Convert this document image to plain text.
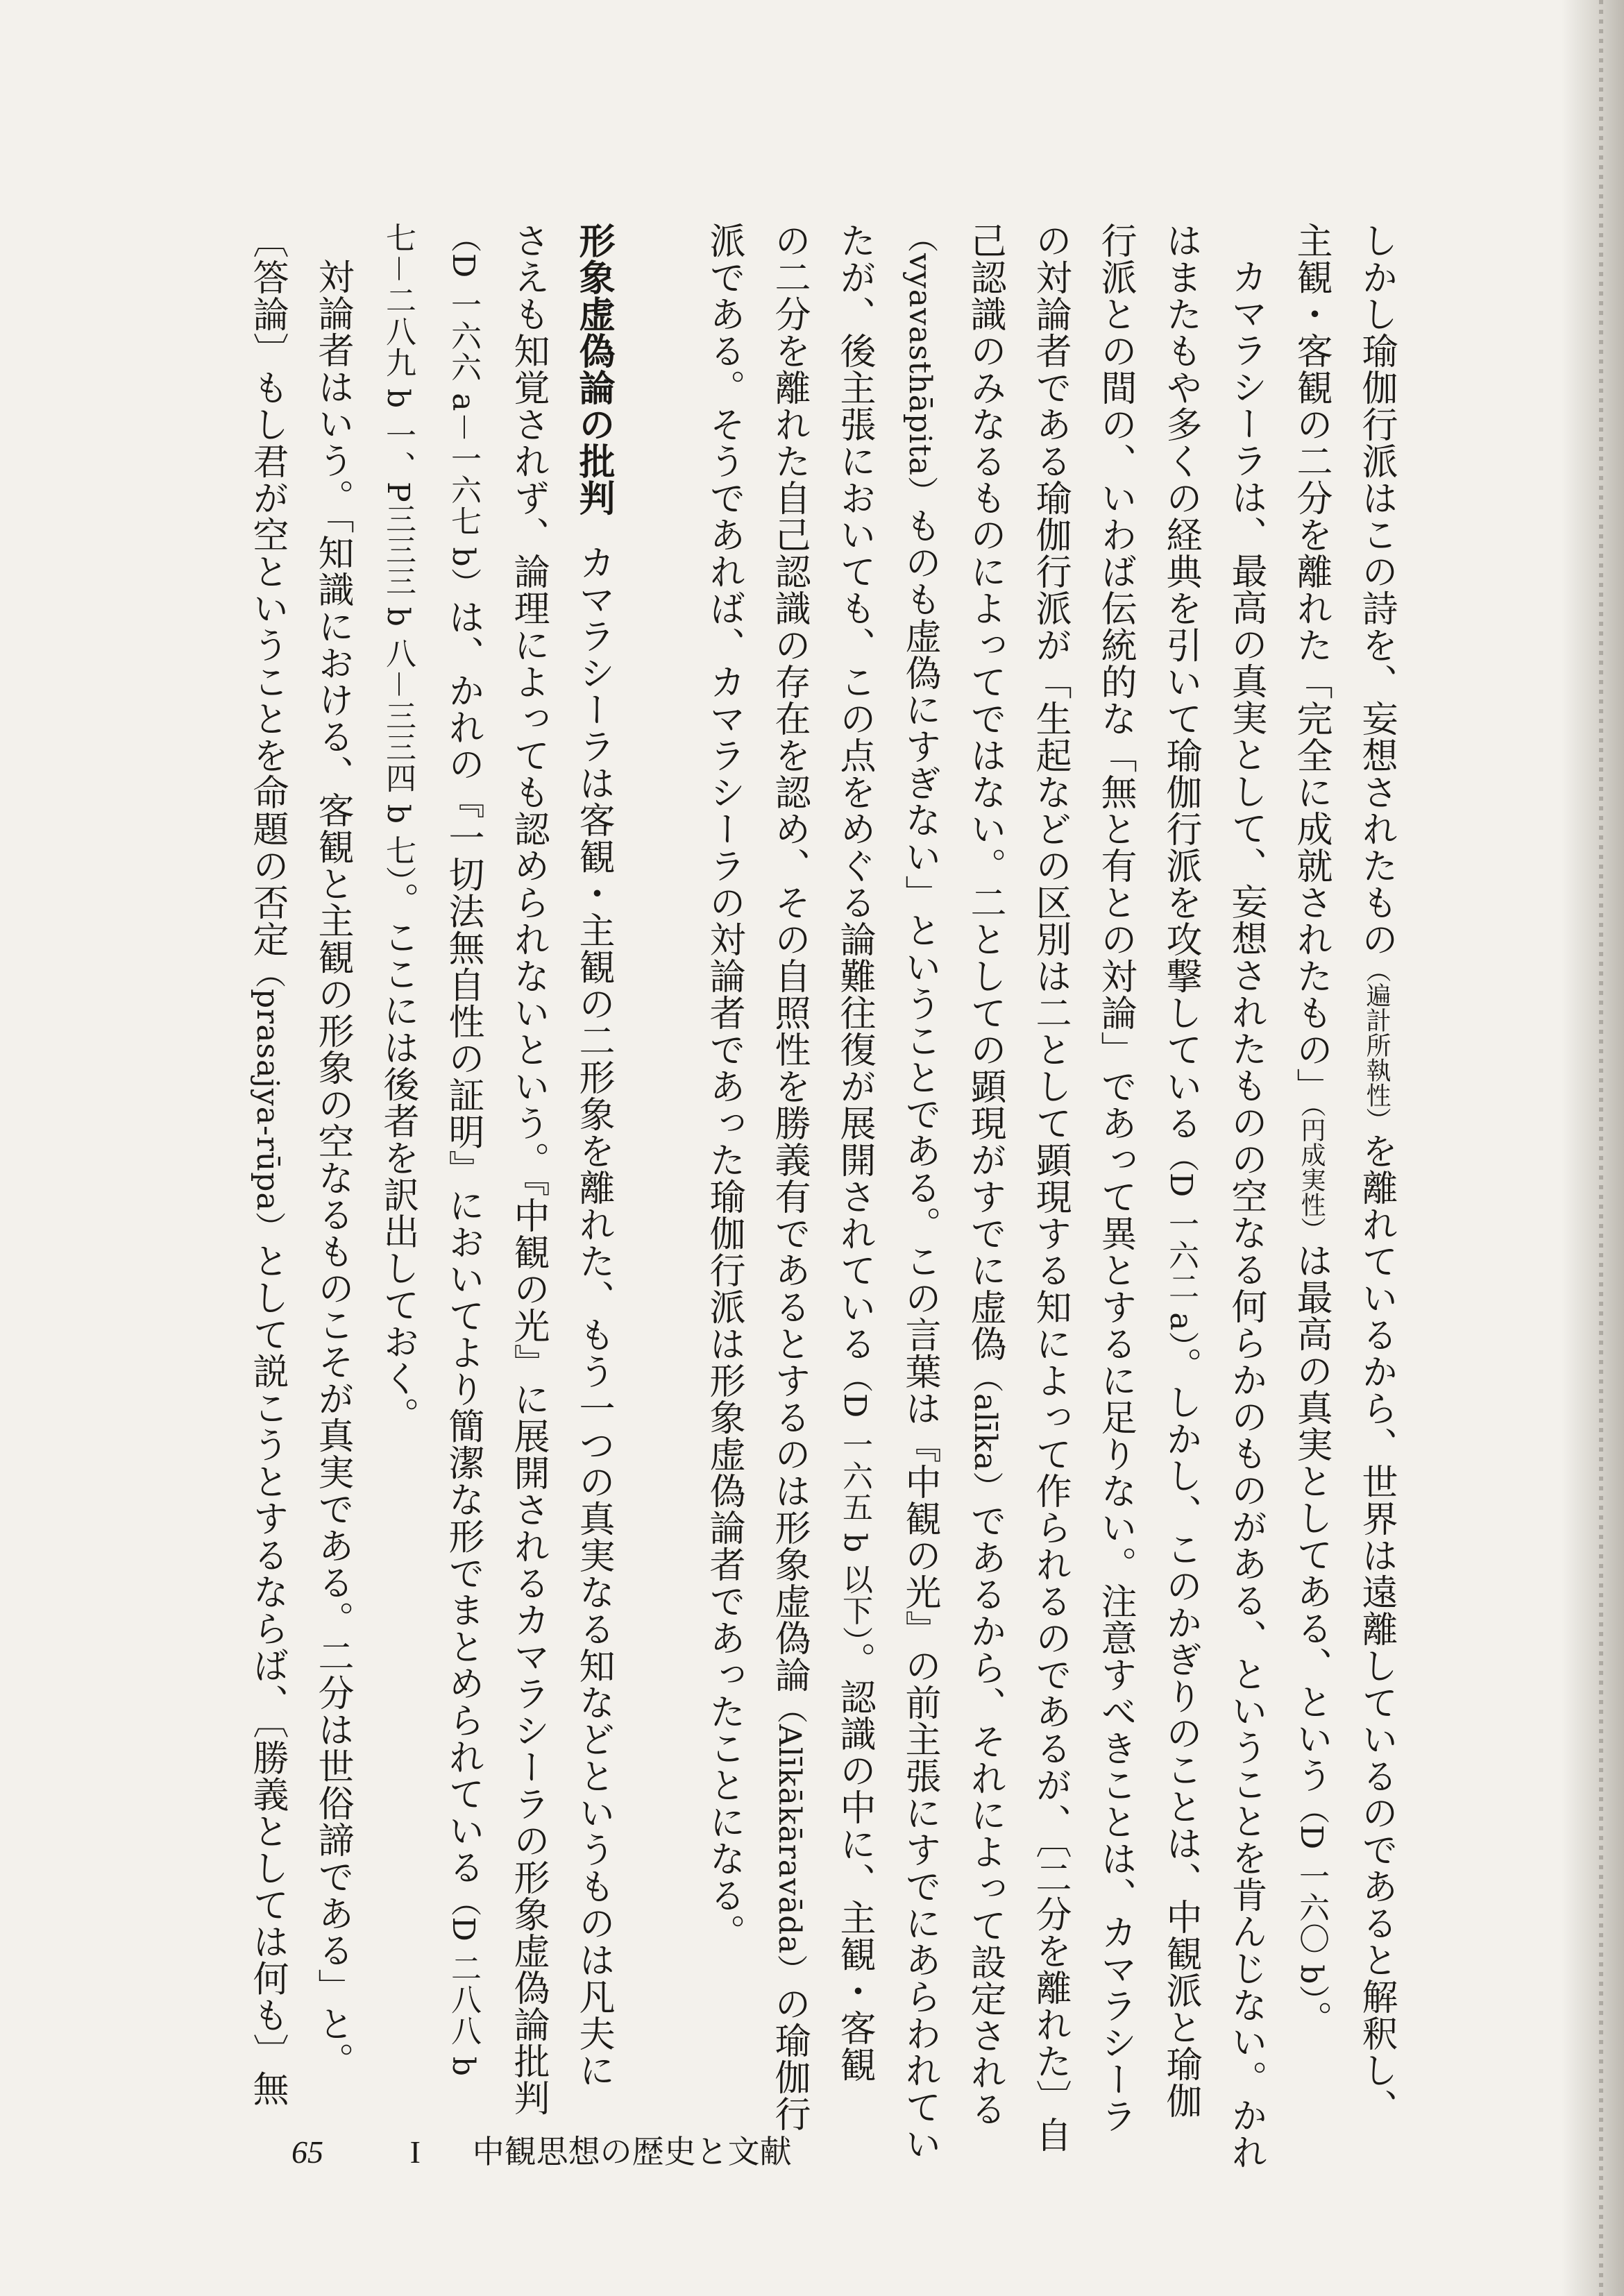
しかし瑜伽行派はこの詩を、妄想されたもの（遍計所執性）を離れているから、世界は遠離しているのであると解釈し、

主観・客観の二分を離れた「完全に成就されたもの」（円成実性）は最高の真実としてある、という（D 一六〇 b）。

カマラシーラは、最高の真実として、妄想されたものの空なる何らかのものがある、ということを肯んじない。かれ

はまたもや多くの経典を引いて瑜伽行派を攻撃している（D 一六二 a）。しかし、このかぎりのことは、中観派と瑜伽

行派との間の、いわば伝統的な「無と有との対論」であって異とするに足りない。注意すべきことは、カマラシーラ

の対論者である瑜伽行派が「生起などの区別は二として顕現する知によって作られるのであるが、〔二分を離れた〕自

己認識のみなるものによってではない。二としての顕現がすでに虚偽（alīka）であるから、それによって設定される

（vyavasthāpita）ものも虚偽にすぎない」ということである。この言葉は『中観の光』の前主張にすでにあらわれてい

たが、後主張においても、この点をめぐる論難往復が展開されている（D 一六五 b 以下）。認識の中に、主観・客観

の二分を離れた自己認識の存在を認め、その自照性を勝義有であるとするのは形象虚偽論（Alīkākāravāda）の瑜伽行

派である。そうであれば、カマラシーラの対論者であった瑜伽行派は形象虚偽論者であったことになる。

形象虚偽論の批判カマラシーラは客観・主観の二形象を離れた、もう一つの真実なる知などというものは凡夫に

さえも知覚されず、論理によっても認められないという。『中観の光』に展開されるカマラシーラの形象虚偽論批判

（D 一六六 a－一六七 b）は、かれの『一切法無自性の証明』においてより簡潔な形でまとめられている（D 二八八 b

七－二八九 b 一、P三三三 b 八－三三四 b 七）。ここには後者を訳出しておく。

対論者はいう。「知識における、客観と主観の形象の空なるものこそが真実である。二分は世俗諦である」と。

〔答論〕もし君が空ということを命題の否定（prasajya-rūpa）として説こうとするならば、〔勝義としては何も〕無

65	I 中観思想の歴史と文献
